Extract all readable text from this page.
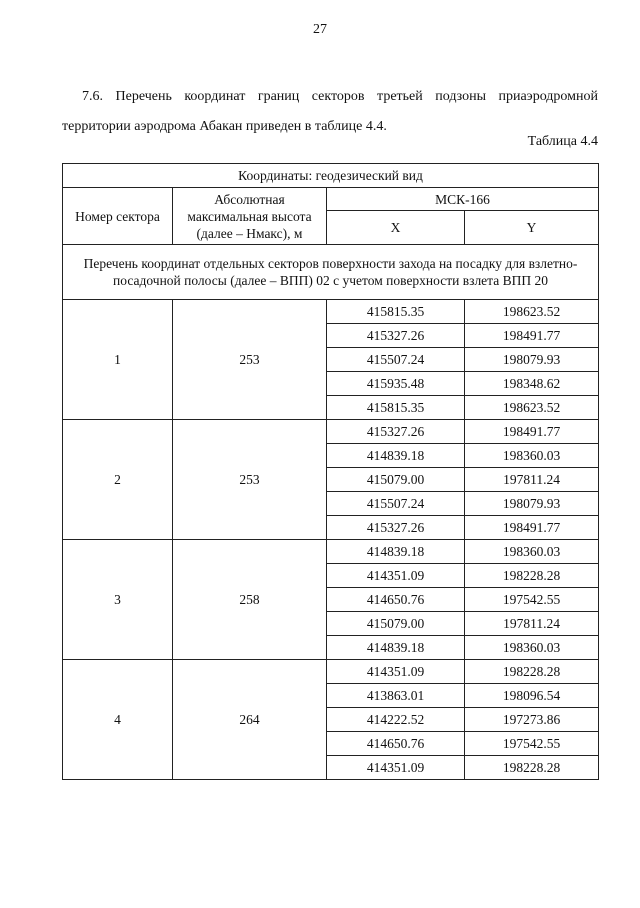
27
7.6. Перечень координат границ секторов третьей подзоны приаэродромной
территории аэродрома Абакан приведен в таблице 4.4.
Таблица 4.4
Координаты: геодезический вид			
Номер сектора	Абсолютная максимальная высота (далее – Нмакс), м	МСК-166	
		X	Y
Перечень координат отдельных секторов поверхности захода на посадку для взлетно-посадочной полосы (далее – ВПП) 02 с учетом поверхности взлета ВПП 20			
1	253	415815.35	198623.52
		415327.26	198491.77
		415507.24	198079.93
		415935.48	198348.62
		415815.35	198623.52
2	253	415327.26	198491.77
		414839.18	198360.03
		415079.00	197811.24
		415507.24	198079.93
		415327.26	198491.77
3	258	414839.18	198360.03
		414351.09	198228.28
		414650.76	197542.55
		415079.00	197811.24
		414839.18	198360.03
4	264	414351.09	198228.28
		413863.01	198096.54
		414222.52	197273.86
		414650.76	197542.55
		414351.09	198228.28
